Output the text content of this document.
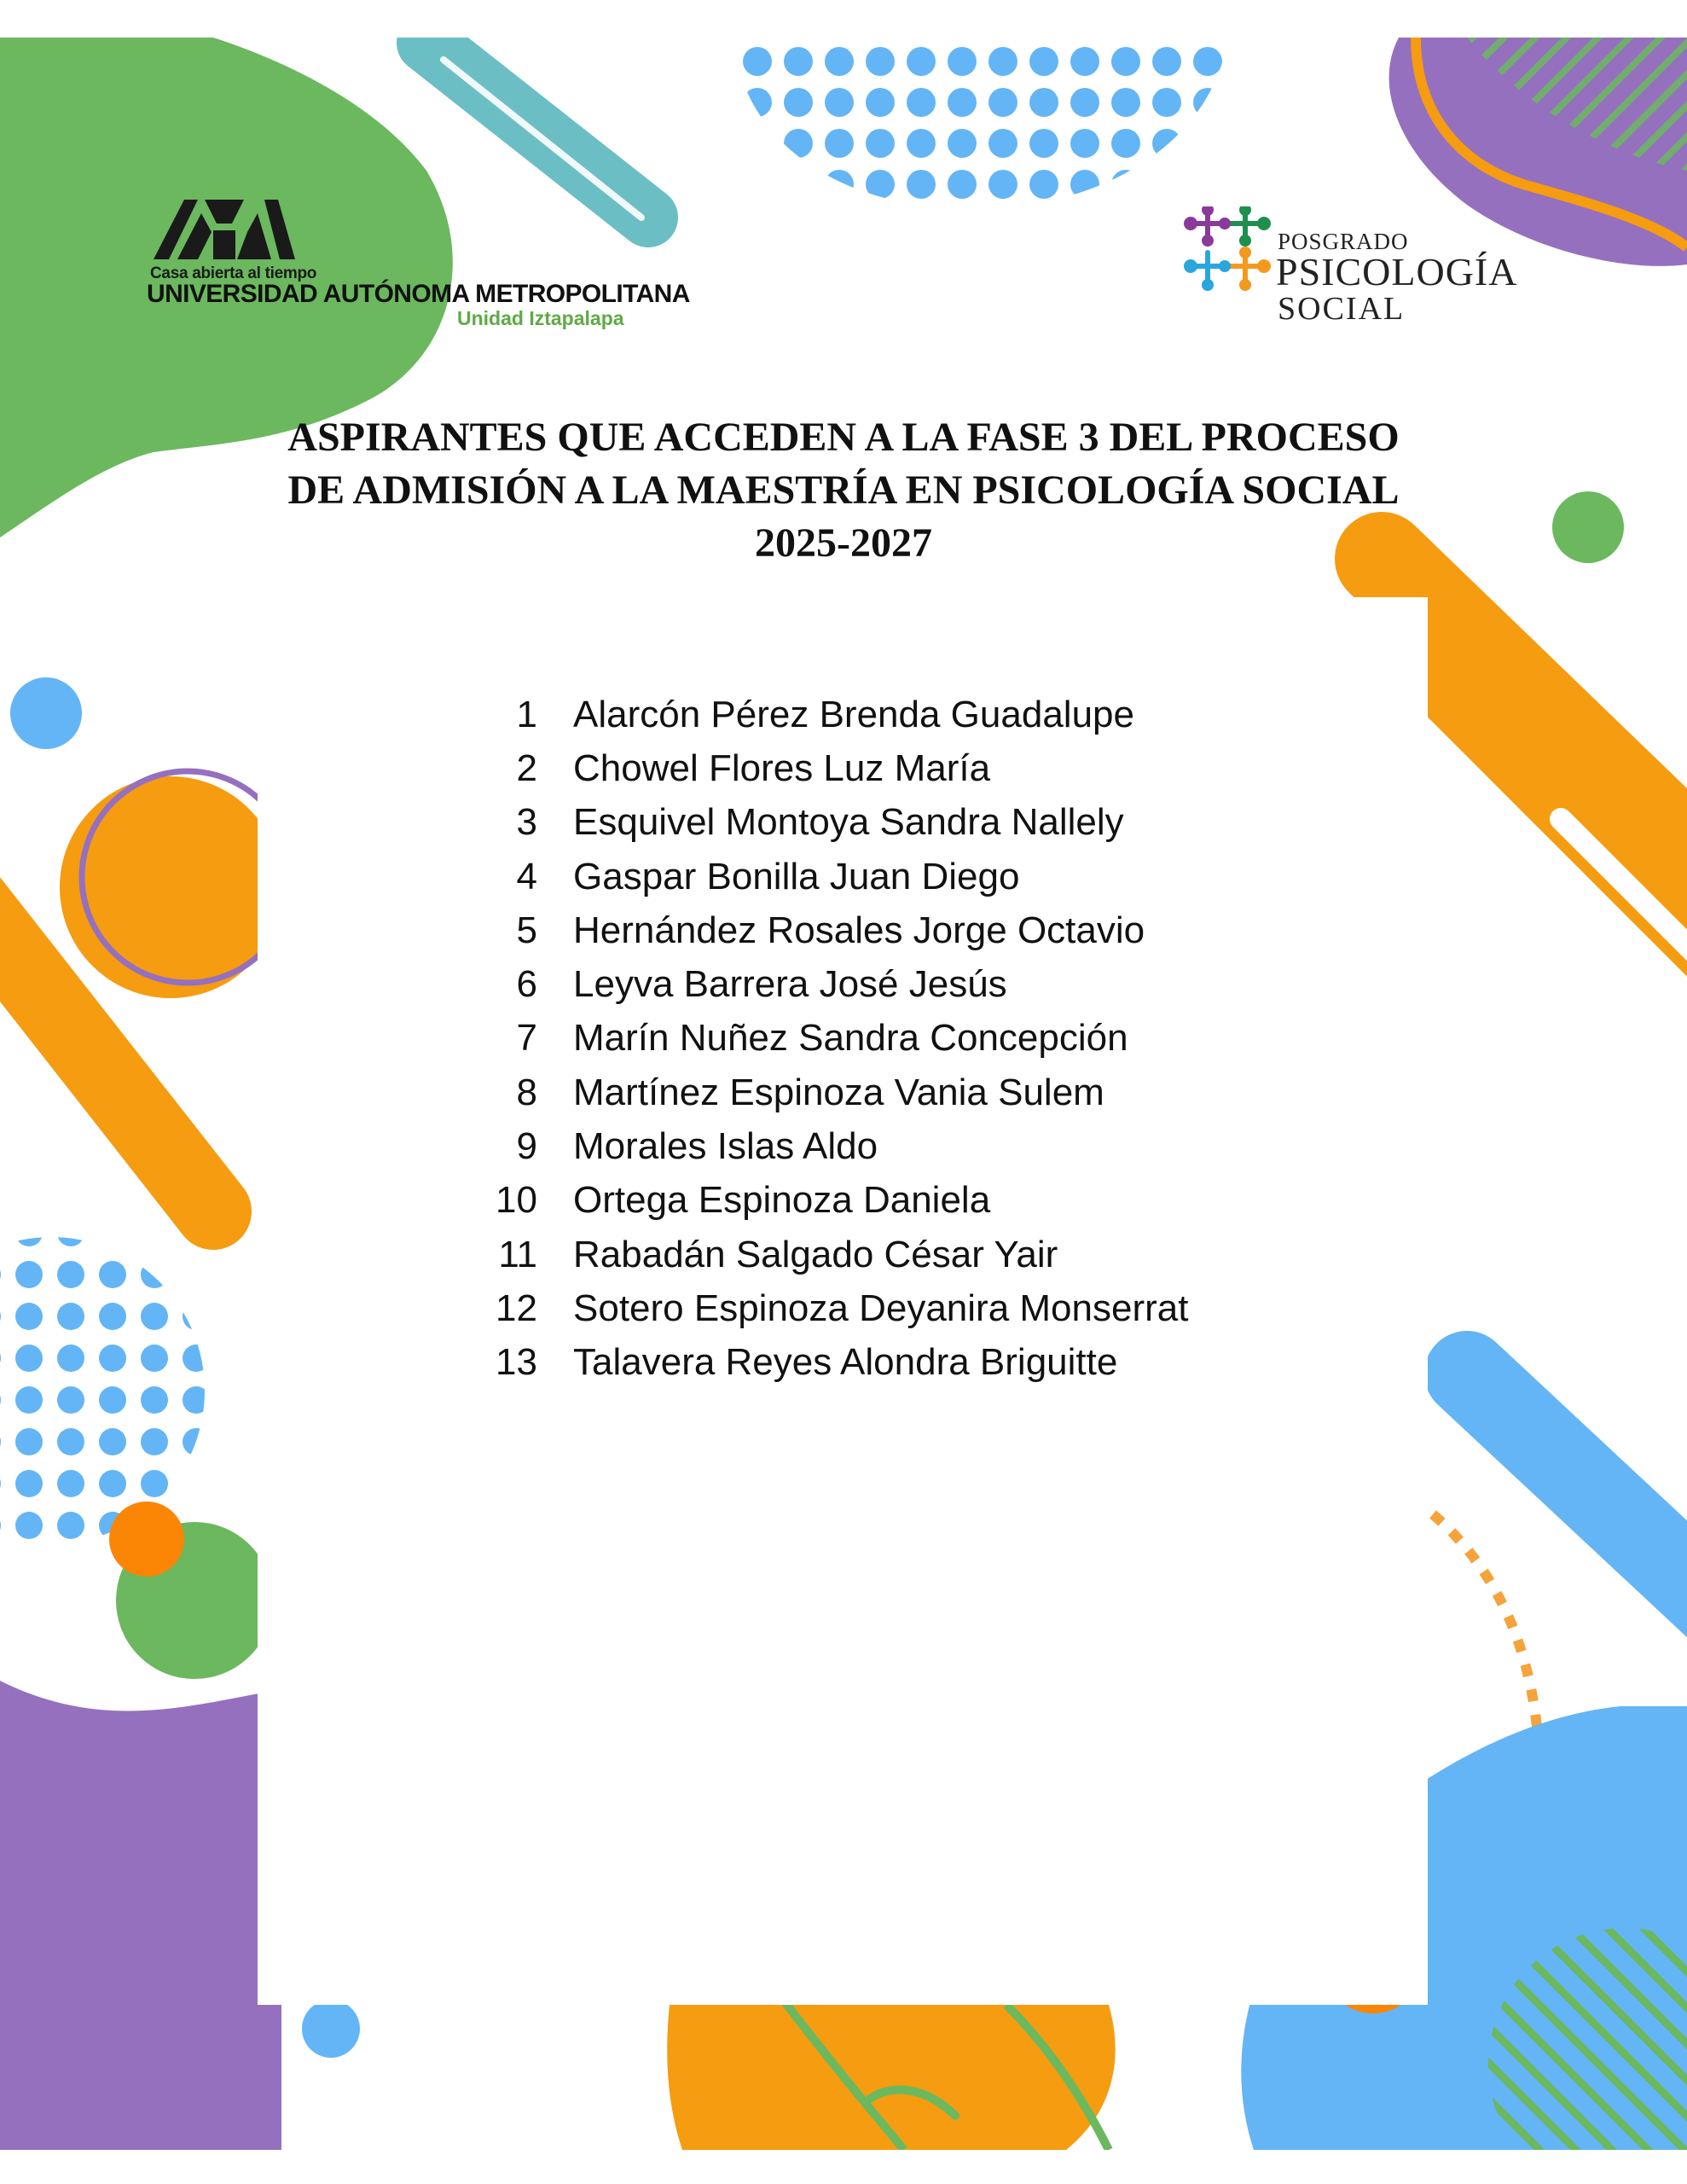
Casa abierta al tiempo
UNIVERSIDAD AUTÓNOMA METROPOLITANA
Unidad Iztapalapa
POSGRADO
PSICOLOGÍA
SOCIAL
ASPIRANTES QUE ACCEDEN A LA FASE 3 DEL PROCESO
DE ADMISIÓN A LA MAESTRÍA EN PSICOLOGÍA SOCIAL
2025-2027
1 Alarcón Pérez Brenda Guadalupe
2 Chowel Flores Luz María
3 Esquivel Montoya Sandra Nallely
4 Gaspar Bonilla Juan Diego
5 Hernández Rosales Jorge Octavio
6 Leyva Barrera José Jesús
7 Marín Nuñez Sandra Concepción
8 Martínez Espinoza Vania Sulem
9 Morales Islas Aldo
10 Ortega Espinoza Daniela
11 Rabadán Salgado César Yair
12 Sotero Espinoza Deyanira Monserrat
13 Talavera Reyes Alondra Briguitte
